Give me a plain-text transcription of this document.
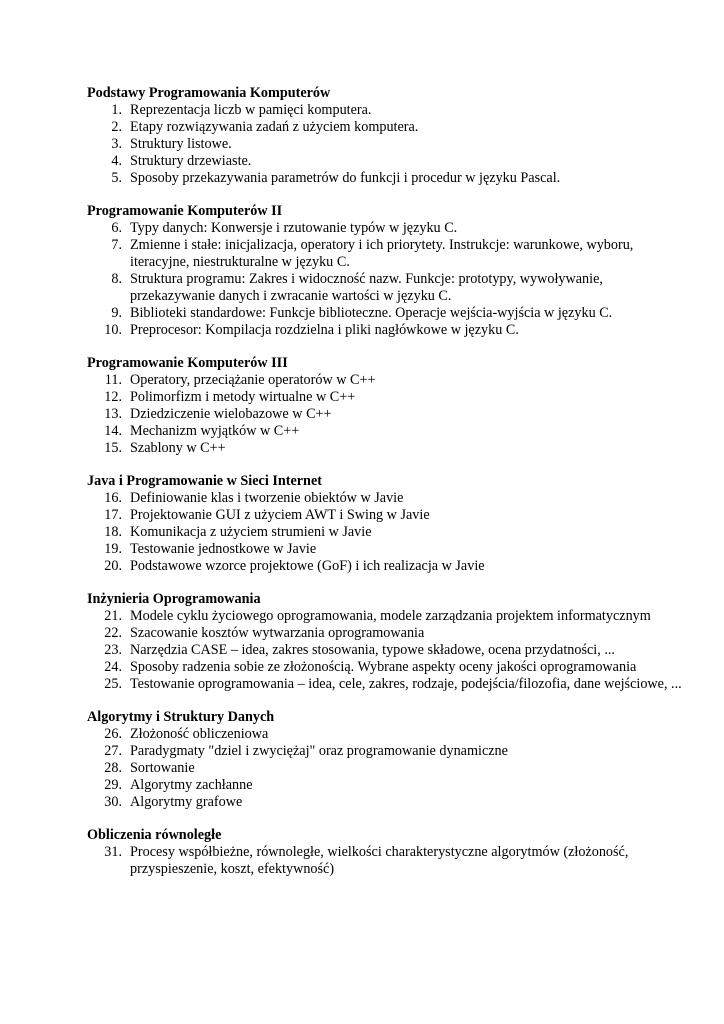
Podstawy Programowania Komputerów
1. Reprezentacja liczb w pamięci komputera.
2. Etapy rozwiązywania zadań z użyciem komputera.
3. Struktury listowe.
4. Struktury drzewiaste.
5. Sposoby przekazywania parametrów do funkcji i procedur w języku Pascal.
Programowanie Komputerów II
6. Typy danych: Konwersje i rzutowanie typów w języku C.
7. Zmienne i stałe: inicjalizacja, operatory i ich priorytety. Instrukcje: warunkowe, wyboru, iteracyjne, niestrukturalne w języku C.
8. Struktura programu: Zakres i widoczność nazw. Funkcje: prototypy, wywoływanie, przekazywanie danych i zwracanie wartości w języku C.
9. Biblioteki standardowe: Funkcje biblioteczne. Operacje wejścia-wyjścia w języku C.
10. Preprocesor: Kompilacja rozdzielna i pliki nagłówkowe w języku C.
Programowanie Komputerów III
11. Operatory, przeciążanie operatorów w C++
12. Polimorfizm i metody wirtualne w C++
13. Dziedziczenie wielobazowe w C++
14. Mechanizm wyjątków w C++
15. Szablony w C++
Java i Programowanie w Sieci Internet
16. Definiowanie klas i tworzenie obiektów w Javie
17. Projektowanie GUI z użyciem AWT i Swing w Javie
18. Komunikacja z użyciem strumieni w Javie
19. Testowanie jednostkowe w Javie
20. Podstawowe wzorce projektowe (GoF) i ich realizacja w Javie
Inżynieria Oprogramowania
21. Modele cyklu życiowego oprogramowania, modele zarządzania projektem informatycznym
22. Szacowanie kosztów wytwarzania oprogramowania
23. Narzędzia CASE – idea, zakres stosowania, typowe składowe, ocena przydatności, ...
24. Sposoby radzenia sobie ze złożonością. Wybrane aspekty oceny jakości oprogramowania
25. Testowanie oprogramowania – idea, cele, zakres, rodzaje, podejścia/filozofia, dane wejściowe, ...
Algorytmy i Struktury Danych
26. Złożoność obliczeniowa
27. Paradygmaty "dziel i zwyciężaj" oraz programowanie dynamiczne
28. Sortowanie
29. Algorytmy zachłanne
30. Algorytmy grafowe
Obliczenia równoległe
31. Procesy współbieżne, równoległe, wielkości charakterystyczne algorytmów (złożoność, przyspieszenie, koszt, efektywność)
